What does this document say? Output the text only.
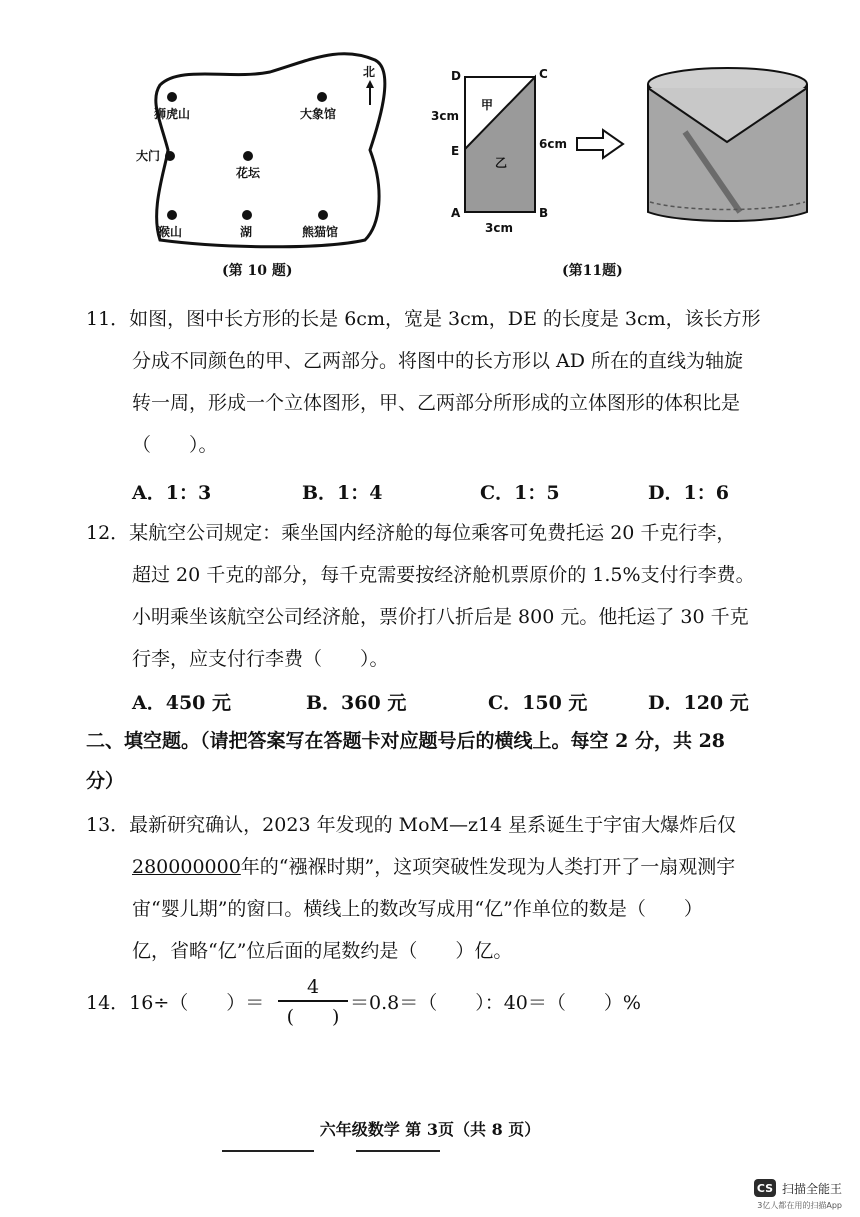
北
狮虎山	大象馆
大门
花坛
猴山	湖	熊猫馆
(第 10 题)
D	C
E
A	B
甲
乙
3cm
6cm
3cm
(第11题)
11．如图，图中长方形的长是 6cm，宽是 3cm，DE 的长度是 3cm，该长方形
分成不同颜色的甲、乙两部分。将图中的长方形以 AD 所在的直线为轴旋
转一周，形成一个立体图形，甲、乙两部分所形成的立体图形的体积比是
（　　）。
A．1：3	B．1：4	C．1：5	D．1：6
12．某航空公司规定：乘坐国内经济舱的每位乘客可免费托运 20 千克行李，
超过 20 千克的部分，每千克需要按经济舱机票原价的 1.5%支付行李费。
小明乘坐该航空公司经济舱，票价打八折后是 800 元。他托运了 30 千克
行李，应支付行李费（　　）。
A．450 元	B．360 元	C．150 元	D．120 元
二、填空题。（请把答案写在答题卡对应题号后的横线上。每空 2 分，共 28
分）
13．最新研究确认，2023 年发现的 MoM—z14 星系诞生于宇宙大爆炸后仅
280000000年的“襁褓时期”，这项突破性发现为人类打开了一扇观测宇
宙“婴儿期”的窗口。横线上的数改写成用“亿”作单位的数是（　　）
亿，省略“亿”位后面的尾数约是（　　）亿。
14．16÷（　　）＝
4
(　　)
＝0.8＝（　　）：40＝（　　）%
六年级数学 第 3页（共 8 页）
CS 扫描全能王
3亿人都在用的扫描App
